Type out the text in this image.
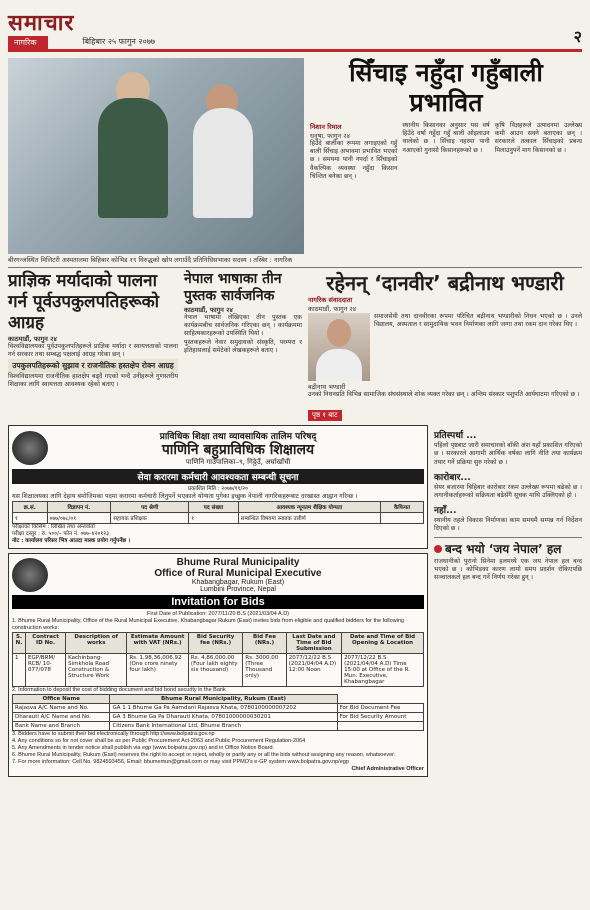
समाचार
नागरिक	बिहिबार २५ फागुन २०७७	२
बीरगन्जस्थित मिलिटरी अस्पतालमा बिहिबार कोभिड १९ विरुद्धको खोप लगाउँदै प्रतिनिधिसभाका सदस्य । तस्बिर : नागरिक
सिँचाइ नहुँदा गहुँबाली प्रभावित
निशान रिमाल
धनुषा, फागुन २४

हिउँदे बालीका रूपमा लगाइएको गहुँ बाली सिँचाइ अभावमा प्रभावित भएको छ । समयमा पानी नपर्दा र सिँचाइको वैकल्पिक व्यवस्था नहुँदा किसान चिन्तित बनेका छन् ।

स्थानीय किसानका अनुसार यस वर्ष हिउँदे वर्षा नहुँदा गहुँ बाली ओइलाउन थालेको छ । सिँचाइ नहरमा पानी नआएको गुनासो किसानहरूको छ ।

कृषि विज्ञहरूले उत्पादनमा उल्लेख्य कमी आउन सक्ने बताएका छन् । सरकारले तत्काल सिँचाइको प्रबन्ध मिलाउनुपर्ने माग किसानको छ ।

प्राज्ञिक मर्यादाको पालना गर्न पूर्वउपकुलपतिहरूको आग्रह
काठमाडौं, फागुन २४

विश्वविद्यालयका पूर्वउपकुलपतिहरूले प्राज्ञिक मर्यादा र स्वायत्तताको पालना गर्न सरकार तथा सम्बद्ध पक्षलाई आग्रह गरेका छन् ।

उपकुलपतिहरूको सुझाव र राजनीतिक हस्तक्षेप रोक्न आग्रह

विश्वविद्यालयमा राजनीतिक हस्तक्षेप बढ्दै गएको भन्दै उनीहरूले गुणस्तरीय शिक्षाका लागि स्वायत्तता आवश्यक रहेको बताए ।

नेपाल भाषाका तीन पुस्तक सार्वजनिक
काठमाडौं, फागुन २४

नेपाल भाषामा लेखिएका तीन पुस्तक एक कार्यक्रमबीच सार्वजनिक गरिएका छन् । कार्यक्रममा साहित्यकारहरूको उपस्थिति थियो ।

पुस्तकहरूले नेवार समुदायको संस्कृति, परम्परा र इतिहासलाई समेटेको लेखकहरूले बताए ।

रहेनन् ‘दानवीर’ बद्रीनाथ भण्डारी
नागरिक संवाददाता
काठमाडौं, फागुन २४

समाजसेवी तथा दानवीरका रूपमा परिचित बद्रीनाथ भण्डारीको निधन भएको छ । उनले विद्यालय, अस्पताल र सामुदायिक भवन निर्माणका लागि जग्गा तथा रकम दान गरेका थिए ।

बद्रीनाथ भण्डारी

उनको निधनप्रति विभिन्न सामाजिक संघसंस्थाले शोक व्यक्त गरेका छन् । अन्तिम संस्कार पशुपति आर्यघाटमा गरिएको छ ।

पृष्ठ १ बाट
प्राविधिक शिक्षा तथा व्यावसायिक तालिम परिषद्
पाणिनि बहुप्राविधिक शिक्षालय
पाणिनि गाउँपालिका–९, गिठ्ठेउँ, अर्घाखाँची
सेवा करारमा कर्मचारी आवश्यकता सम्बन्धी सूचना
प्रकाशित मिति : २०७७/११/२०

यस शिक्षालयका लागि देहाय बमोजिमका पदमा करारमा कर्मचारी लिनुपर्ने भएकाले योग्यता पुगेका इच्छुक नेपाली नागरिकहरूबाट दरखास्त आह्वान गरिन्छ ।

क्र.सं.	विज्ञापन नं.	पद श्रेणी	पद संख्या	आवश्यक न्यूनतम शैक्षिक योग्यता	कैफियत
१	०७७/०७८/०१	सहायक प्रशिक्षक	१	सम्बन्धित विषयमा स्नातक उत्तीर्ण	
परीक्षाको किसिम : लिखित तथा अन्तर्वार्ता
परीक्षा दस्तुर : रु. ५००/– फोन नं. ०७७–४२०१२३
नोट : कार्यालय परिसर भित्र आउदा मास्क प्रयोग गर्नुपर्नेछ ।
Bhume Rural Municipality
Office of Rural Municipal Executive
Khabangbagar, Rukum (East)
Lumbini Province, Nepal
Invitation for Bids
First Date of Publication: 2077/11/20 B.S (2021/03/04 A.D)
1. Bhume Rural Municipality, Office of the Rural Municipal Executive, Khabangbagar Rukum (East) invites bids from eligible and qualified bidders for the following construction works:
S. N.	Contract ID No.	Description of works	Estimate Amount with VAT (NRs.)	Bid Security fee (NRs.)	Bid Fee (NRs.)	Last Date and Time of Bid Submission	Date and Time of Bid Opening & Location
1	EGP/BRM/ RCB/ 10-077/078	Kachinbang-Simkhola Road Construction & Structure Work	Rs. 1,98,36,006.92 (One crore ninety four lakh)	Rs. 4,86,000.00 (Four lakh eighty six thousand)	Rs. 3000.00 (Three Thousand only)	2077/12/22 B.S (2021/04/04 A.D) 12:00 Noon	2077/12/22 B.S (2021/04/04 A.D) Time 15:00 at Office of the R. Mun. Executive, Khabangbagar
2. Information to deposit the cost of bidding document and bid bond security in the Bank
Office Name	Bhume Rural Municipality, Rukum (East)	
Rajasva A/C Name and No.	GA 1 1 Bhume Ga Pa Aamdani Rajasva Khata, 0780100000007202	For Bid Document Fee
Dharauti A/C Name and No.	GA 3 Bhume Ga Pa Dharauti Khata, 07801000000030201	For Bid Security Amount
Bank Name and Branch	Citizens Bank International Ltd, Bhume Branch	
3. Bidders have to submit their bid electronically through http://www.bolpatra.gov.np
4. Any conditions so for not cover shall be as per Public Procurement Act-2063 and Public Procurement Regulation-2064
5. Any Amendments in tender notice shall publish via egp (www.bolpatra.gov.np) and in Office Notice Board.
6. Bhume Rural Municipality, Rukum (East) reserves the right to accept or reject, wholly or partly any or all the bids without assigning any reason, whatsoever.
7. For more information: Cell No. 9824593456, Email: bhumemun@gmail.com or may visit PPMO's e-GP system www.bolpatra.gov.np/egp
Chief Administrative Officer
प्रतिस्पर्धा ...

पहिलो पृष्ठबाट जारी समाचारको बाँकी अंश यहाँ प्रकाशित गरिएको छ । सरकारले आगामी आर्थिक वर्षका लागि नीति तथा कार्यक्रम तयार गर्ने प्रक्रिया सुरु गरेको छ ।

कारोबार...

सेयर बजारमा बिहिबार कारोबार रकम उल्लेख्य रूपमा बढेको छ । लगानीकर्ताहरूको सक्रियता बढेसँगै सूचक माथि उक्लिएको हो ।

नहाँ...

स्थानीय तहले विकास निर्माणका काम समयमै सम्पन्न गर्न निर्देशन दिएको छ ।

बन्द भयो ‘जय नेपाल’ हल

राजधानीको पुरानो सिनेमा हलमध्ये एक जय नेपाल हल बन्द भएको छ । कोभिडका कारण लामो समय प्रदर्शन रोकिएपछि सञ्चालकले हल बन्द गर्ने निर्णय गरेका हुन् ।
